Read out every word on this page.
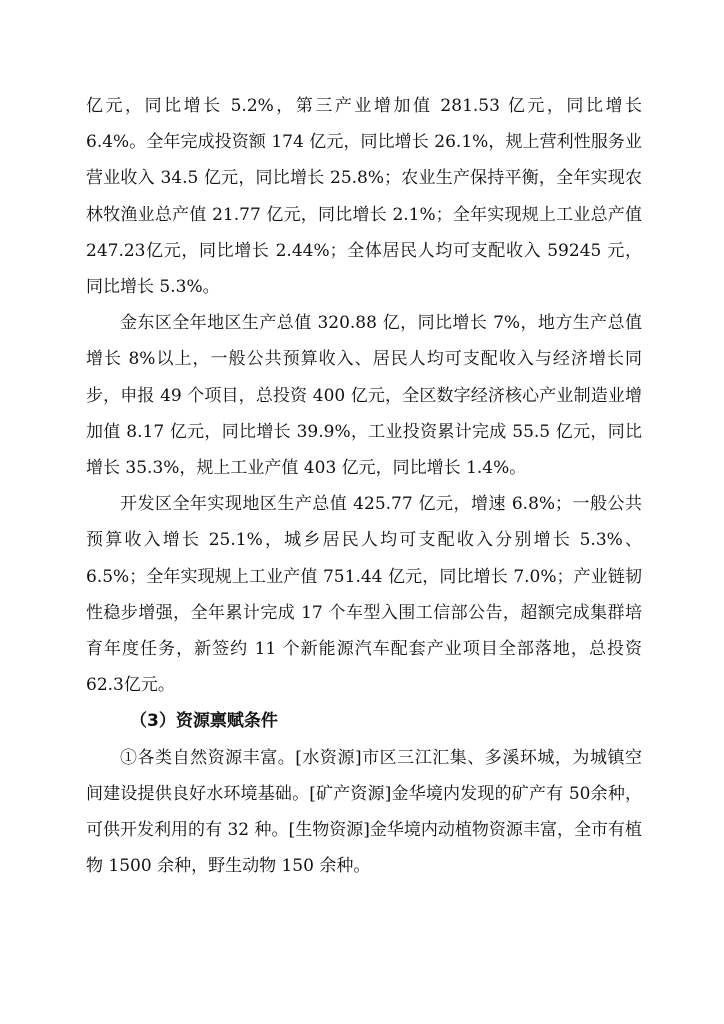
亿元，同比增长 5.2%，第三产业增加值 281.53 亿元，同比增长 6.4%。全年完成投资额 174 亿元，同比增长 26.1%，规上营利性服务业营业收入 34.5 亿元，同比增长 25.8%；农业生产保持平衡，全年实现农林牧渔业总产值 21.77 亿元，同比增长 2.1%；全年实现规上工业总产值 247.23亿元，同比增长 2.44%；全体居民人均可支配收入 59245 元，同比增长 5.3%。

金东区全年地区生产总值 320.88 亿，同比增长 7%，地方生产总值增长 8%以上，一般公共预算收入、居民人均可支配收入与经济增长同步，申报 49 个项目，总投资 400 亿元，全区数字经济核心产业制造业增加值 8.17 亿元，同比增长 39.9%，工业投资累计完成 55.5 亿元，同比增长 35.3%，规上工业产值 403 亿元，同比增长 1.4%。

开发区全年实现地区生产总值 425.77 亿元，增速 6.8%；一般公共预算收入增长 25.1%，城乡居民人均可支配收入分别增长 5.3%、6.5%；全年实现规上工业产值 751.44 亿元，同比增长 7.0%；产业链韧性稳步增强，全年累计完成 17 个车型入围工信部公告，超额完成集群培育年度任务，新签约 11 个新能源汽车配套产业项目全部落地，总投资 62.3亿元。

（3）资源禀赋条件

①各类自然资源丰富。[水资源]市区三江汇集、多溪环城，为城镇空间建设提供良好水环境基础。[矿产资源]金华境内发现的矿产有 50余种，可供开发利用的有 32 种。[生物资源]金华境内动植物资源丰富，全市有植物 1500 余种，野生动物 150 余种。
